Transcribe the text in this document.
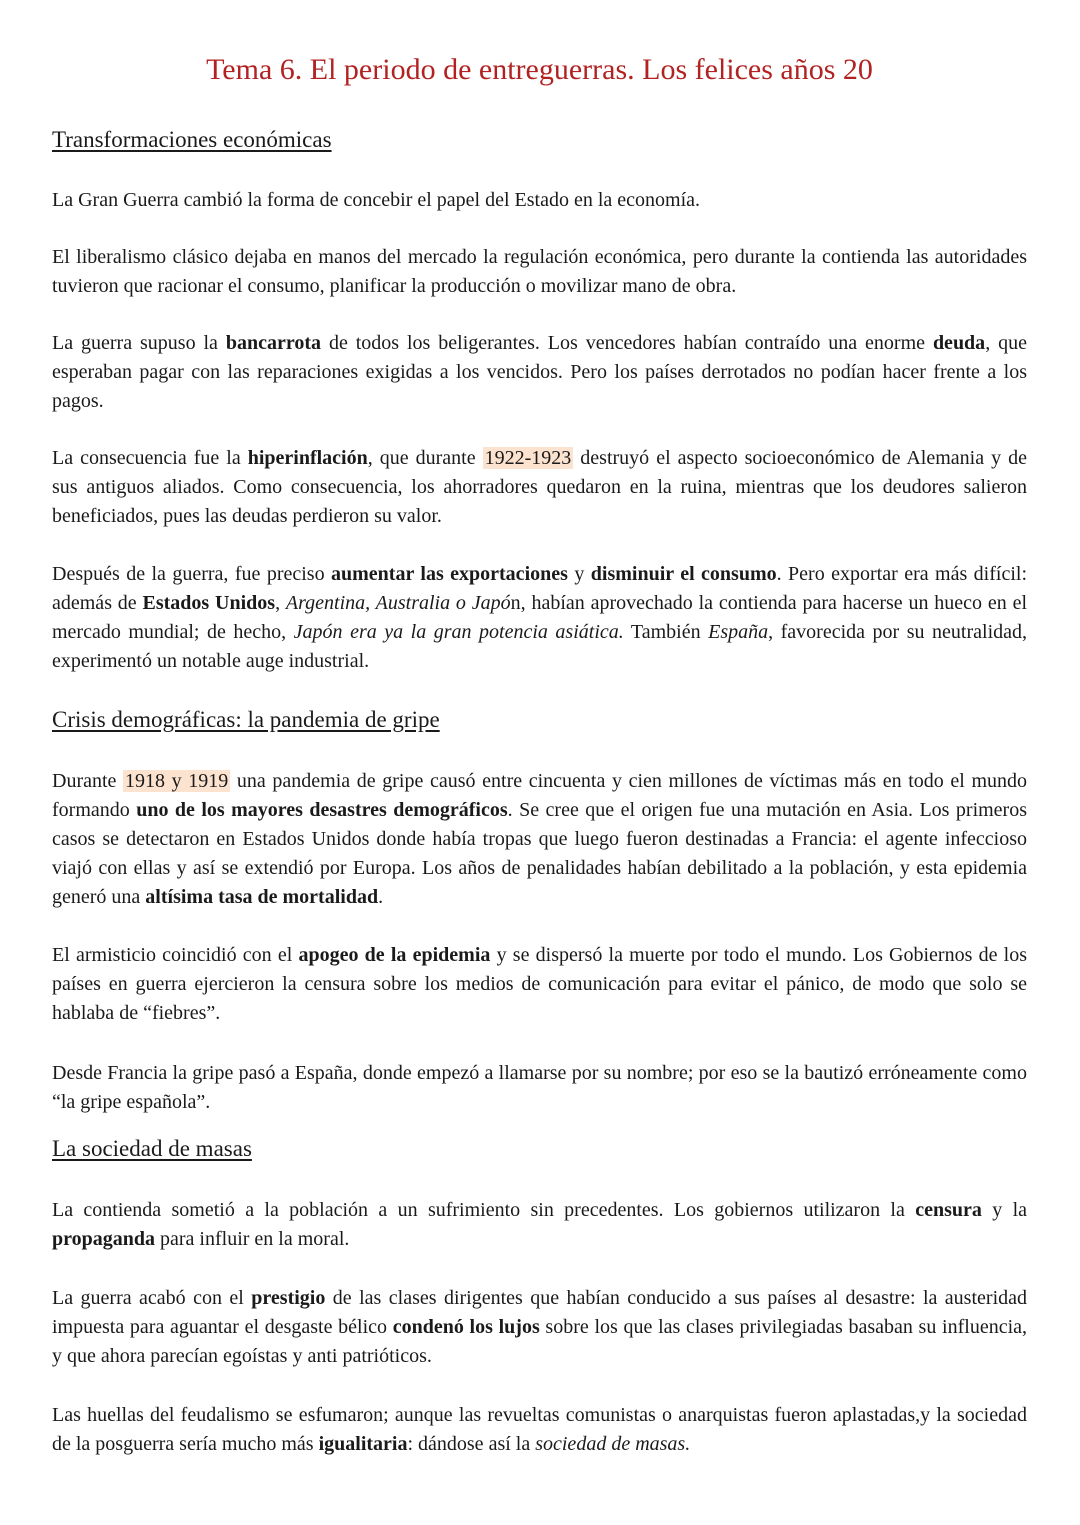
Tema 6. El periodo de entreguerras. Los felices años 20
Transformaciones económicas

La Gran Guerra cambió la forma de concebir el papel del Estado en la economía.

El liberalismo clásico dejaba en manos del mercado la regulación económica, pero durante la contienda las autoridades tuvieron que racionar el consumo, planificar la producción o movilizar mano de obra.

La guerra supuso la bancarrota de todos los beligerantes. Los vencedores habían contraído una enorme deuda, que esperaban pagar con las reparaciones exigidas a los vencidos. Pero los países derrotados no podían hacer frente a los pagos.

La consecuencia fue la hiperinflación, que durante 1922-1923 destruyó el aspecto socioeconómico de Alemania y de sus antiguos aliados. Como consecuencia, los ahorradores quedaron en la ruina, mientras que los deudores salieron beneficiados, pues las deudas perdieron su valor.

Después de la guerra, fue preciso aumentar las exportaciones y disminuir el consumo. Pero exportar era más difícil: además de Estados Unidos, Argentina, Australia o Japón, habían aprovechado la contienda para hacerse un hueco en el mercado mundial; de hecho, Japón era ya la gran potencia asiática. También España, favorecida por su neutralidad, experimentó un notable auge industrial.

Crisis demográficas: la pandemia de gripe

Durante 1918 y 1919 una pandemia de gripe causó entre cincuenta y cien millones de víctimas más en todo el mundo formando uno de los mayores desastres demográficos. Se cree que el origen fue una mutación en Asia. Los primeros casos se detectaron en Estados Unidos donde había tropas que luego fueron destinadas a Francia: el agente infeccioso viajó con ellas y así se extendió por Europa. Los años de penalidades habían debilitado a la población, y esta epidemia generó una altísima tasa de mortalidad.

El armisticio coincidió con el apogeo de la epidemia y se dispersó la muerte por todo el mundo. Los Gobiernos de los países en guerra ejercieron la censura sobre los medios de comunicación para evitar el pánico, de modo que solo se hablaba de “fiebres”.

Desde Francia la gripe pasó a España, donde empezó a llamarse por su nombre; por eso se la bautizó erróneamente como “la gripe española”.

La sociedad de masas

La contienda sometió a la población a un sufrimiento sin precedentes. Los gobiernos utilizaron la censura y la propaganda para influir en la moral.

La guerra acabó con el prestigio de las clases dirigentes que habían conducido a sus países al desastre: la austeridad impuesta para aguantar el desgaste bélico condenó los lujos sobre los que las clases privilegiadas basaban su influencia, y que ahora parecían egoístas y anti patrióticos.

Las huellas del feudalismo se esfumaron; aunque las revueltas comunistas o anarquistas fueron aplastadas,y la sociedad de la posguerra sería mucho más igualitaria: dándose así la sociedad de masas.
